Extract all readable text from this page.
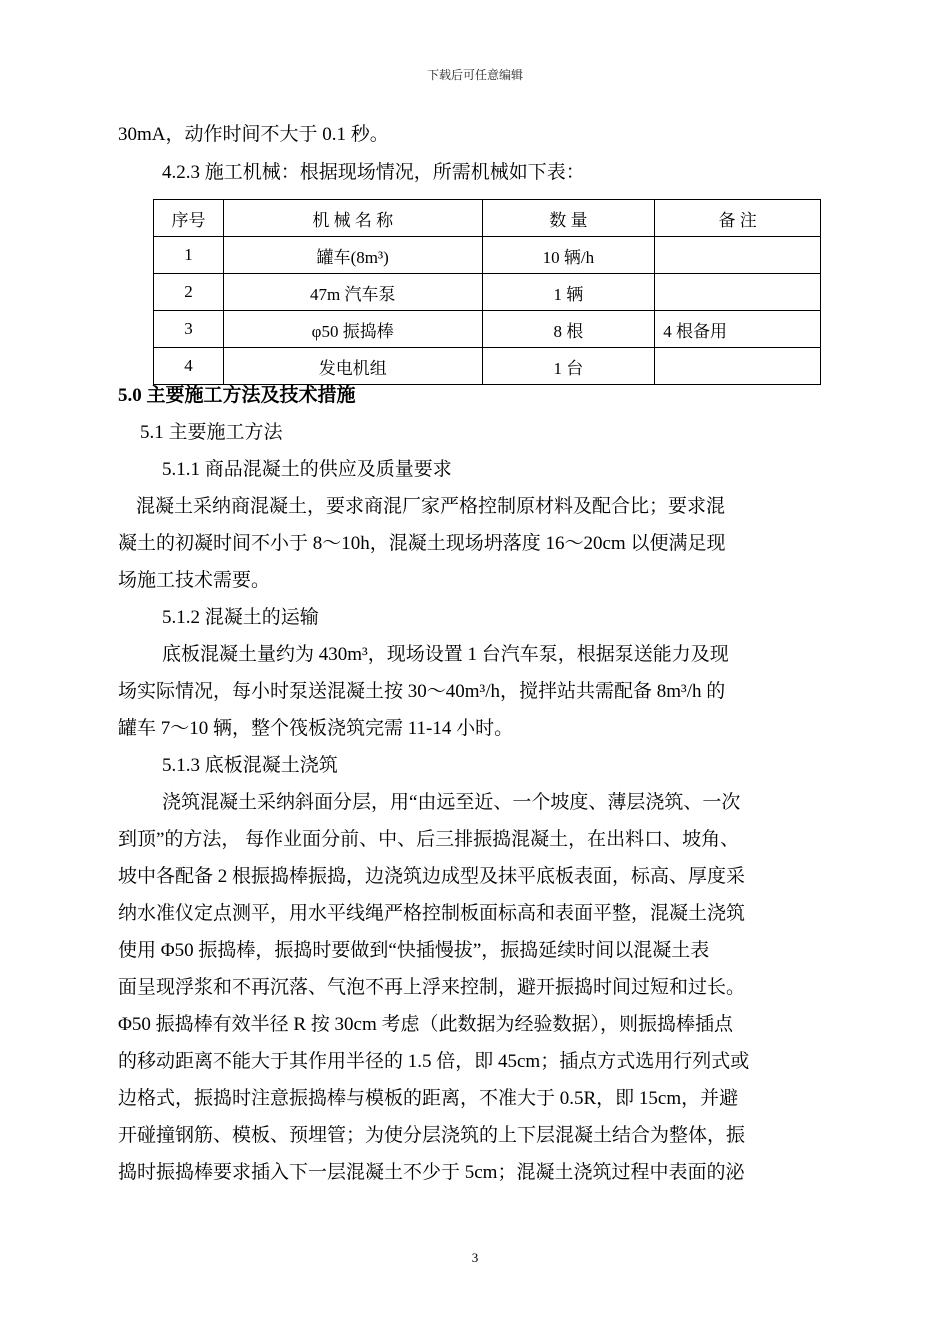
下载后可任意编辑
30mA，动作时间不大于 0.1 秒。
4.2.3 施工机械：根据现场情况，所需机械如下表：
序号	机 械 名 称	数 量	备 注
1	罐车(8m³)	10 辆/h	
2	47m 汽车泵	1 辆	
3	φ50 振捣棒	8 根	4 根备用
4	发电机组	1 台	
5.0 主要施工方法及技术措施
5.1 主要施工方法
5.1.1 商品混凝土的供应及质量要求
混凝土采纳商混凝土，要求商混厂家严格控制原材料及配合比；要求混
凝土的初凝时间不小于 8～10h，混凝土现场坍落度 16～20cm 以便满足现
场施工技术需要。
5.1.2 混凝土的运输
底板混凝土量约为 430m³，现场设置 1 台汽车泵，根据泵送能力及现
场实际情况，每小时泵送混凝土按 30～40m³/h，搅拌站共需配备 8m³/h 的
罐车 7～10 辆，整个筏板浇筑完需 11-14 小时。
5.1.3 底板混凝土浇筑
浇筑混凝土采纳斜面分层，用“由远至近、一个坡度、薄层浇筑、一次
到顶”的方法， 每作业面分前、中、后三排振捣混凝土，在出料口、坡角、
坡中各配备 2 根振捣棒振捣，边浇筑边成型及抹平底板表面，标高、厚度采
纳水准仪定点测平，用水平线绳严格控制板面标高和表面平整，混凝土浇筑
使用 Φ50 振捣棒，振捣时要做到“快插慢拔”，振捣延续时间以混凝土表
面呈现浮浆和不再沉落、气泡不再上浮来控制，避开振捣时间过短和过长。
Φ50 振捣棒有效半径 R 按 30cm 考虑（此数据为经验数据），则振捣棒插点
的移动距离不能大于其作用半径的 1.5 倍，即 45cm；插点方式选用行列式或
边格式，振捣时注意振捣棒与模板的距离，不准大于 0.5R，即 15cm，并避
开碰撞钢筋、模板、预埋管；为使分层浇筑的上下层混凝土结合为整体，振
捣时振捣棒要求插入下一层混凝土不少于 5cm；混凝土浇筑过程中表面的泌
3
